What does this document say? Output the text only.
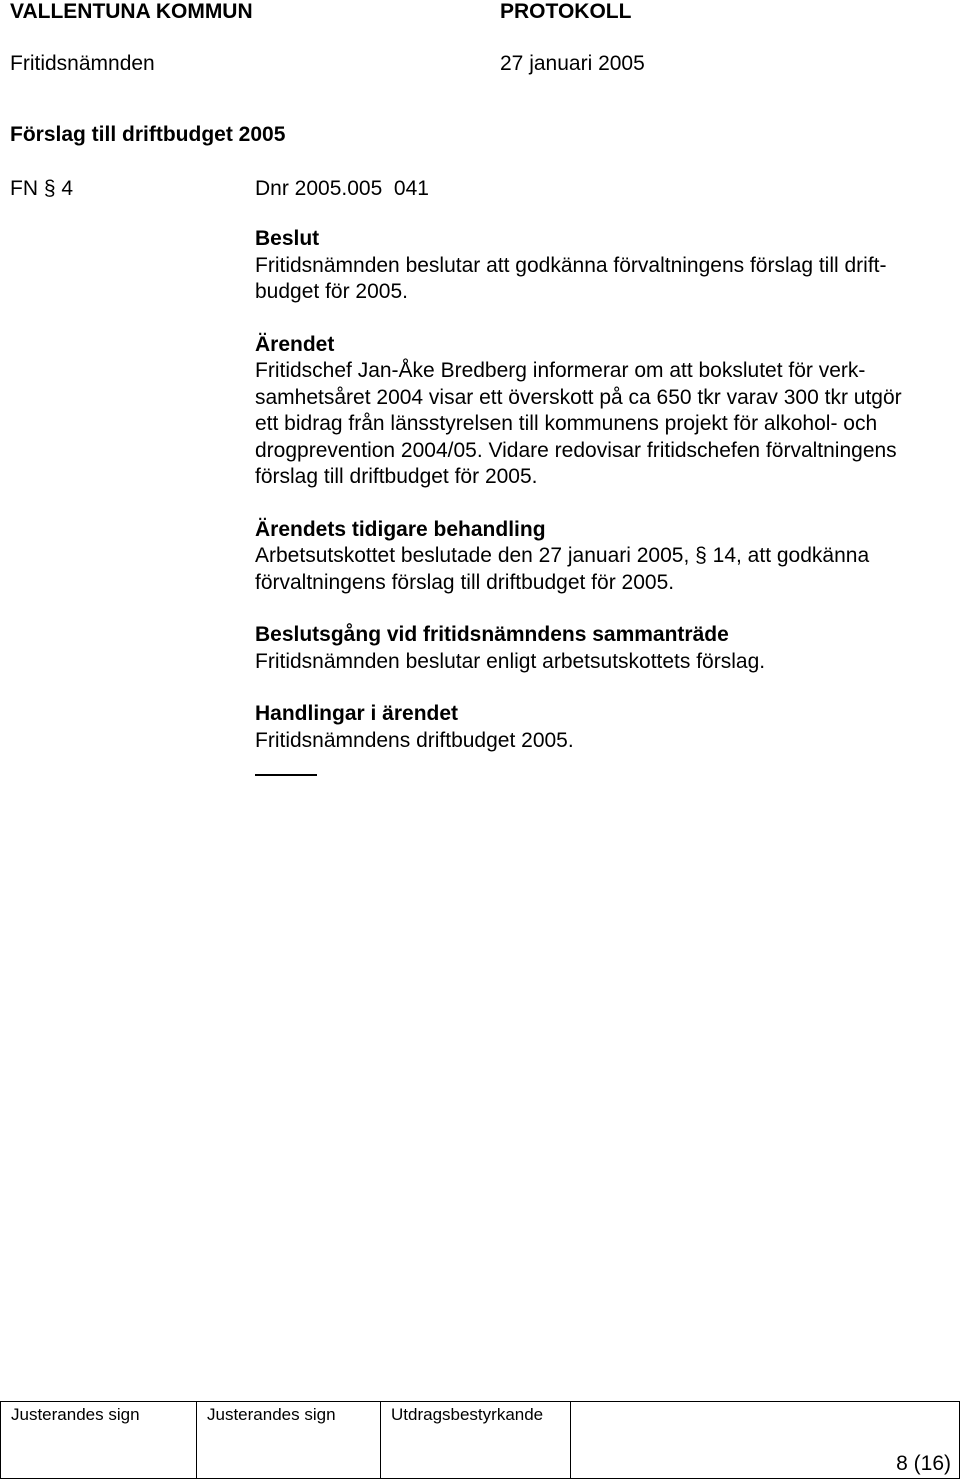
VALLENTUNA KOMMUN	PROTOKOLL
Fritidsnämnden	27 januari 2005
Förslag till driftbudget 2005
FN § 4	Dnr 2005.005  041
Beslut
Fritidsnämnden beslutar att godkänna förvaltningens förslag till drift-
budget för 2005.
Ärendet
Fritidschef Jan-Åke Bredberg informerar om att bokslutet för verk-
samhetsåret 2004 visar ett överskott på ca 650 tkr varav 300 tkr utgör
ett bidrag från länsstyrelsen till kommunens projekt för alkohol- och
drogprevention 2004/05. Vidare redovisar fritidschefen förvaltningens
förslag till driftbudget för 2005.
Ärendets tidigare behandling
Arbetsutskottet beslutade den 27 januari 2005, § 14, att godkänna
förvaltningens förslag till driftbudget för 2005.
Beslutsgång vid fritidsnämndens sammanträde
Fritidsnämnden beslutar enligt arbetsutskottets förslag.
Handlingar i ärendet
Fritidsnämndens driftbudget 2005.
Justerandes sign	Justerandes sign	Utdragsbestyrkande
8 (16)
